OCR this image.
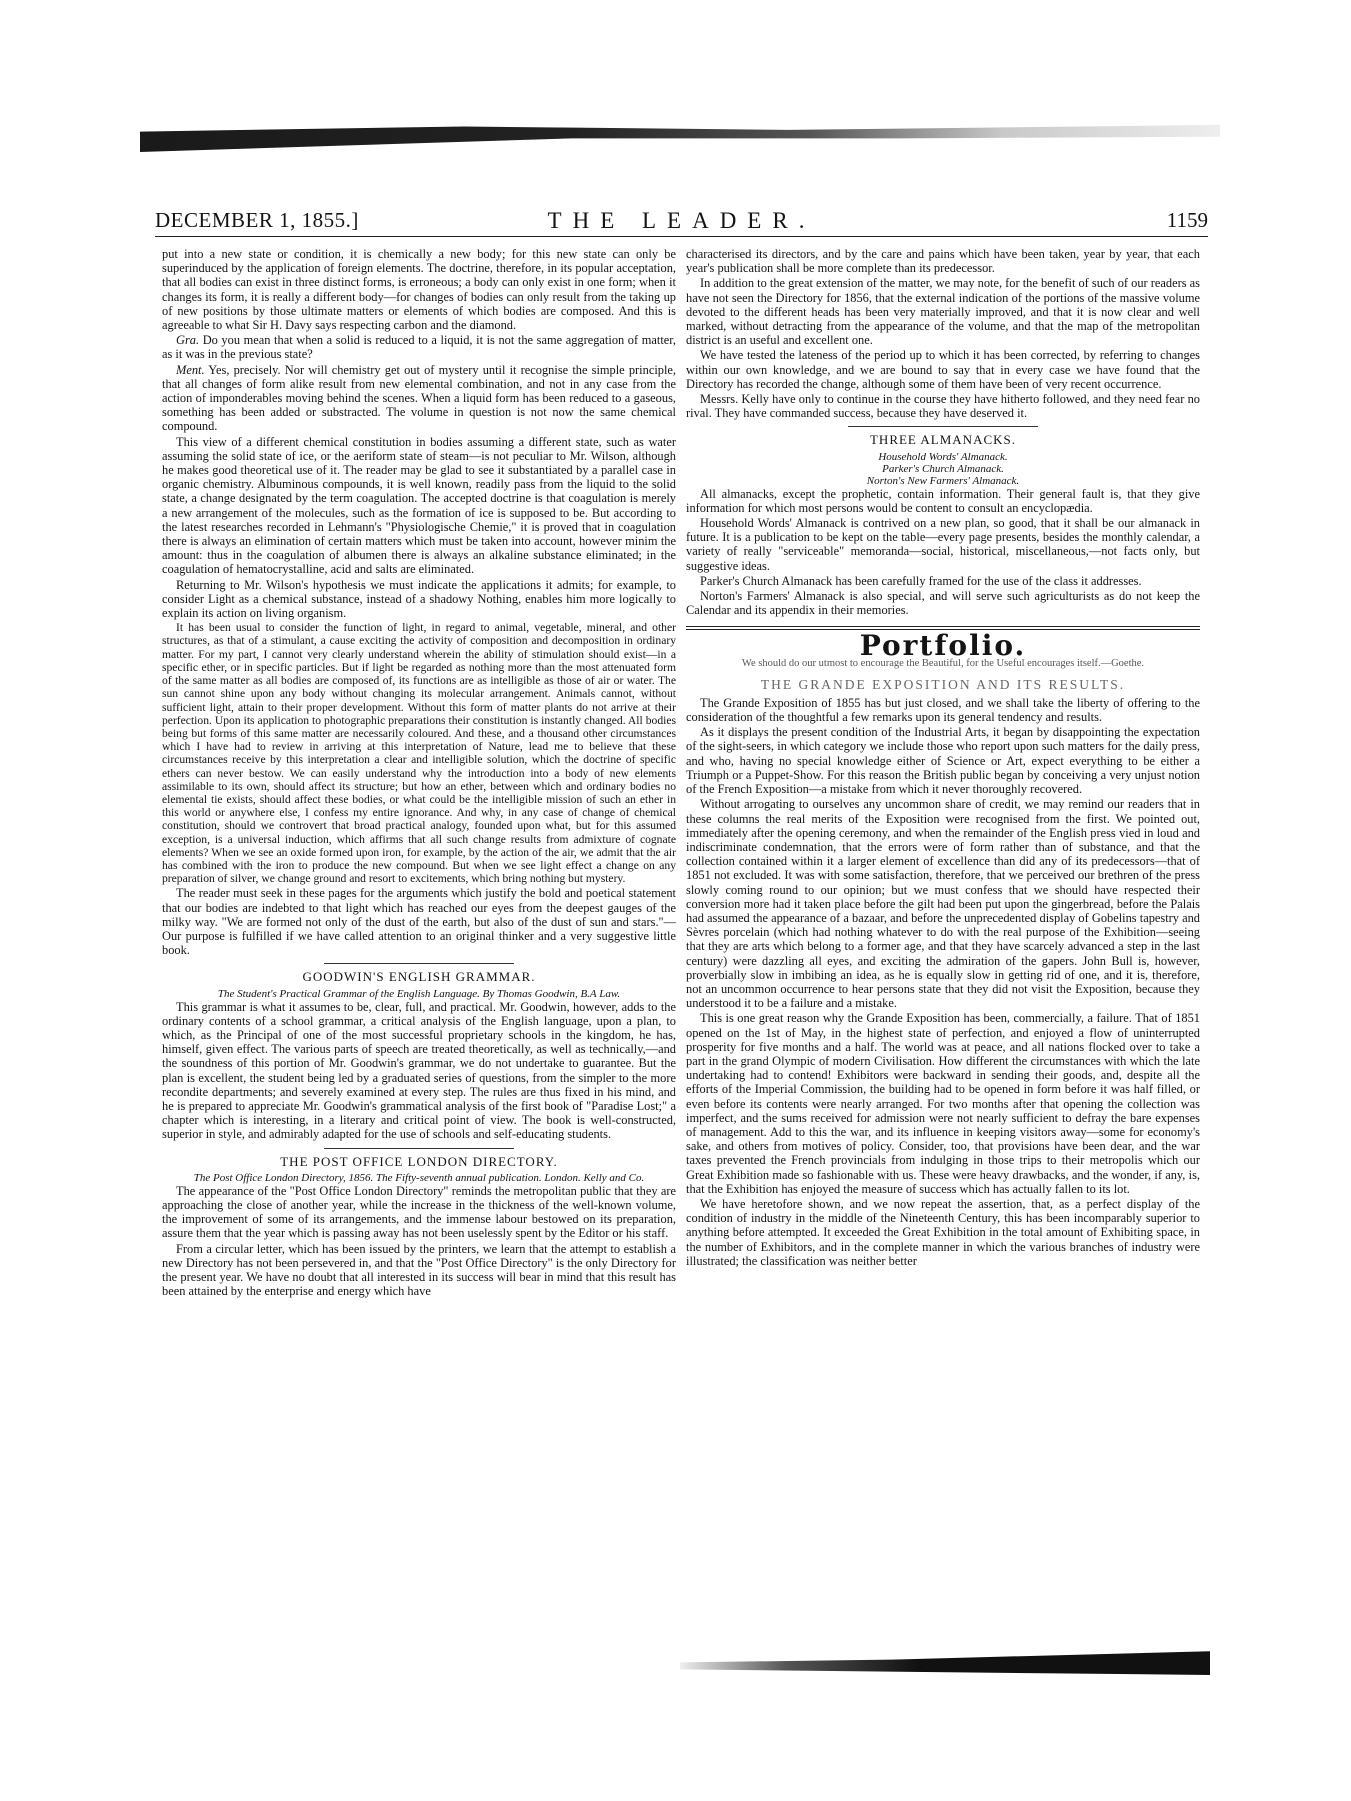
DECEMBER 1, 1855.]	THE LEADER.	1159

put into a new state or condition, it is chemically a new body; for this new state can only be superinduced by the application of foreign elements. The doctrine, therefore, in its popular acceptation, that all bodies can exist in three distinct forms, is erroneous; a body can only exist in one form; when it changes its form, it is really a different body—for changes of bodies can only result from the taking up of new positions by those ultimate matters or elements of which bodies are composed. And this is agreeable to what Sir H. Davy says respecting carbon and the diamond.

Gra. Do you mean that when a solid is reduced to a liquid, it is not the same aggregation of matter, as it was in the previous state?

Ment. Yes, precisely. Nor will chemistry get out of mystery until it recognise the simple principle, that all changes of form alike result from new elemental combination, and not in any case from the action of imponderables moving behind the scenes. When a liquid form has been reduced to a gaseous, something has been added or substracted. The volume in question is not now the same chemical compound.

This view of a different chemical constitution in bodies assuming a different state, such as water assuming the solid state of ice, or the aeriform state of steam—is not peculiar to Mr. Wilson, although he makes good theoretical use of it. The reader may be glad to see it substantiated by a parallel case in organic chemistry. Albuminous compounds, it is well known, readily pass from the liquid to the solid state, a change designated by the term coagulation. The accepted doctrine is that coagulation is merely a new arrangement of the molecules, such as the formation of ice is supposed to be. But according to the latest researches recorded in Lehmann's "Physiologische Chemie," it is proved that in coagulation there is always an elimination of certain matters which must be taken into account, however minim the amount: thus in the coagulation of albumen there is always an alkaline substance eliminated; in the coagulation of hematocrystalline, acid and salts are eliminated.

Returning to Mr. Wilson's hypothesis we must indicate the applications it admits; for example, to consider Light as a chemical substance, instead of a shadowy Nothing, enables him more logically to explain its action on living organism.

It has been usual to consider the function of light, in regard to animal, vegetable, mineral, and other structures, as that of a stimulant, a cause exciting the activity of composition and decomposition in ordinary matter. For my part, I cannot very clearly understand wherein the ability of stimulation should exist—in a specific ether, or in specific particles. But if light be regarded as nothing more than the most attenuated form of the same matter as all bodies are composed of, its functions are as intelligible as those of air or water. The sun cannot shine upon any body without changing its molecular arrangement. Animals cannot, without sufficient light, attain to their proper development. Without this form of matter plants do not arrive at their perfection. Upon its application to photographic preparations their constitution is instantly changed. All bodies being but forms of this same matter are necessarily coloured. And these, and a thousand other circumstances which I have had to review in arriving at this interpretation of Nature, lead me to believe that these circumstances receive by this interpretation a clear and intelligible solution, which the doctrine of specific ethers can never bestow. We can easily understand why the introduction into a body of new elements assimilable to its own, should affect its structure; but how an ether, between which and ordinary bodies no elemental tie exists, should affect these bodies, or what could be the intelligible mission of such an ether in this world or anywhere else, I confess my entire ignorance. And why, in any case of change of chemical constitution, should we controvert that broad practical analogy, founded upon what, but for this assumed exception, is a universal induction, which affirms that all such change results from admixture of cognate elements? When we see an oxide formed upon iron, for example, by the action of the air, we admit that the air has combined with the iron to produce the new compound. But when we see light effect a change on any preparation of silver, we change ground and resort to excitements, which bring nothing but mystery.

The reader must seek in these pages for the arguments which justify the bold and poetical statement that our bodies are indebted to that light which has reached our eyes from the deepest gauges of the milky way. "We are formed not only of the dust of the earth, but also of the dust of sun and stars."—Our purpose is fulfilled if we have called attention to an original thinker and a very suggestive little book.

GOODWIN'S ENGLISH GRAMMAR.

The Student's Practical Grammar of the English Language. By Thomas Goodwin, B.A Law.

This grammar is what it assumes to be, clear, full, and practical. Mr. Goodwin, however, adds to the ordinary contents of a school grammar, a critical analysis of the English language, upon a plan, to which, as the Principal of one of the most successful proprietary schools in the kingdom, he has, himself, given effect. The various parts of speech are treated theoretically, as well as technically,—and the soundness of this portion of Mr. Goodwin's grammar, we do not undertake to guarantee. But the plan is excellent, the student being led by a graduated series of questions, from the simpler to the more recondite departments; and severely examined at every step. The rules are thus fixed in his mind, and he is prepared to appreciate Mr. Goodwin's grammatical analysis of the first book of "Paradise Lost;" a chapter which is interesting, in a literary and critical point of view. The book is well-constructed, superior in style, and admirably adapted for the use of schools and self-educating students.

THE POST OFFICE LONDON DIRECTORY.

The Post Office London Directory, 1856. The Fifty-seventh annual publication. London. Kelly and Co.

The appearance of the "Post Office London Directory" reminds the metropolitan public that they are approaching the close of another year, while the increase in the thickness of the well-known volume, the improvement of some of its arrangements, and the immense labour bestowed on its preparation, assure them that the year which is passing away has not been uselessly spent by the Editor or his staff.

From a circular letter, which has been issued by the printers, we learn that the attempt to establish a new Directory has not been persevered in, and that the "Post Office Directory" is the only Directory for the present year. We have no doubt that all interested in its success will bear in mind that this result has been attained by the enterprise and energy which have

characterised its directors, and by the care and pains which have been taken, year by year, that each year's publication shall be more complete than its predecessor.

In addition to the great extension of the matter, we may note, for the benefit of such of our readers as have not seen the Directory for 1856, that the external indication of the portions of the massive volume devoted to the different heads has been very materially improved, and that it is now clear and well marked, without detracting from the appearance of the volume, and that the map of the metropolitan district is an useful and excellent one.

We have tested the lateness of the period up to which it has been corrected, by referring to changes within our own knowledge, and we are bound to say that in every case we have found that the Directory has recorded the change, although some of them have been of very recent occurrence.

Messrs. Kelly have only to continue in the course they have hitherto followed, and they need fear no rival. They have commanded success, because they have deserved it.

THREE ALMANACKS.

Household Words' Almanack.

Parker's Church Almanack.

Norton's New Farmers' Almanack.

All almanacks, except the prophetic, contain information. Their general fault is, that they give information for which most persons would be content to consult an encyclopædia.

Household Words' Almanack is contrived on a new plan, so good, that it shall be our almanack in future. It is a publication to be kept on the table—every page presents, besides the monthly calendar, a variety of really "serviceable" memoranda—social, historical, miscellaneous,—not facts only, but suggestive ideas.

Parker's Church Almanack has been carefully framed for the use of the class it addresses.

Norton's Farmers' Almanack is also special, and will serve such agriculturists as do not keep the Calendar and its appendix in their memories.

Portfolio.

We should do our utmost to encourage the Beautiful, for the Useful encourages itself.—Goethe.

THE GRANDE EXPOSITION AND ITS RESULTS.

The Grande Exposition of 1855 has but just closed, and we shall take the liberty of offering to the consideration of the thoughtful a few remarks upon its general tendency and results.

As it displays the present condition of the Industrial Arts, it began by disappointing the expectation of the sight-seers, in which category we include those who report upon such matters for the daily press, and who, having no special knowledge either of Science or Art, expect everything to be either a Triumph or a Puppet-Show. For this reason the British public began by conceiving a very unjust notion of the French Exposition—a mistake from which it never thoroughly recovered.

Without arrogating to ourselves any uncommon share of credit, we may remind our readers that in these columns the real merits of the Exposition were recognised from the first. We pointed out, immediately after the opening ceremony, and when the remainder of the English press vied in loud and indiscriminate condemnation, that the errors were of form rather than of substance, and that the collection contained within it a larger element of excellence than did any of its predecessors—that of 1851 not excluded. It was with some satisfaction, therefore, that we perceived our brethren of the press slowly coming round to our opinion; but we must confess that we should have respected their conversion more had it taken place before the gilt had been put upon the gingerbread, before the Palais had assumed the appearance of a bazaar, and before the unprecedented display of Gobelins tapestry and Sèvres porcelain (which had nothing whatever to do with the real purpose of the Exhibition—seeing that they are arts which belong to a former age, and that they have scarcely advanced a step in the last century) were dazzling all eyes, and exciting the admiration of the gapers. John Bull is, however, proverbially slow in imbibing an idea, as he is equally slow in getting rid of one, and it is, therefore, not an uncommon occurrence to hear persons state that they did not visit the Exposition, because they understood it to be a failure and a mistake.

This is one great reason why the Grande Exposition has been, commercially, a failure. That of 1851 opened on the 1st of May, in the highest state of perfection, and enjoyed a flow of uninterrupted prosperity for five months and a half. The world was at peace, and all nations flocked over to take a part in the grand Olympic of modern Civilisation. How different the circumstances with which the late undertaking had to contend! Exhibitors were backward in sending their goods, and, despite all the efforts of the Imperial Commission, the building had to be opened in form before it was half filled, or even before its contents were nearly arranged. For two months after that opening the collection was imperfect, and the sums received for admission were not nearly sufficient to defray the bare expenses of management. Add to this the war, and its influence in keeping visitors away—some for economy's sake, and others from motives of policy. Consider, too, that provisions have been dear, and the war taxes prevented the French provincials from indulging in those trips to their metropolis which our Great Exhibition made so fashionable with us. These were heavy drawbacks, and the wonder, if any, is, that the Exhibition has enjoyed the measure of success which has actually fallen to its lot.

We have heretofore shown, and we now repeat the assertion, that, as a perfect display of the condition of industry in the middle of the Nineteenth Century, this has been incomparably superior to anything before attempted. It exceeded the Great Exhibition in the total amount of Exhibiting space, in the number of Exhibitors, and in the complete manner in which the various branches of industry were illustrated; the classification was neither better
